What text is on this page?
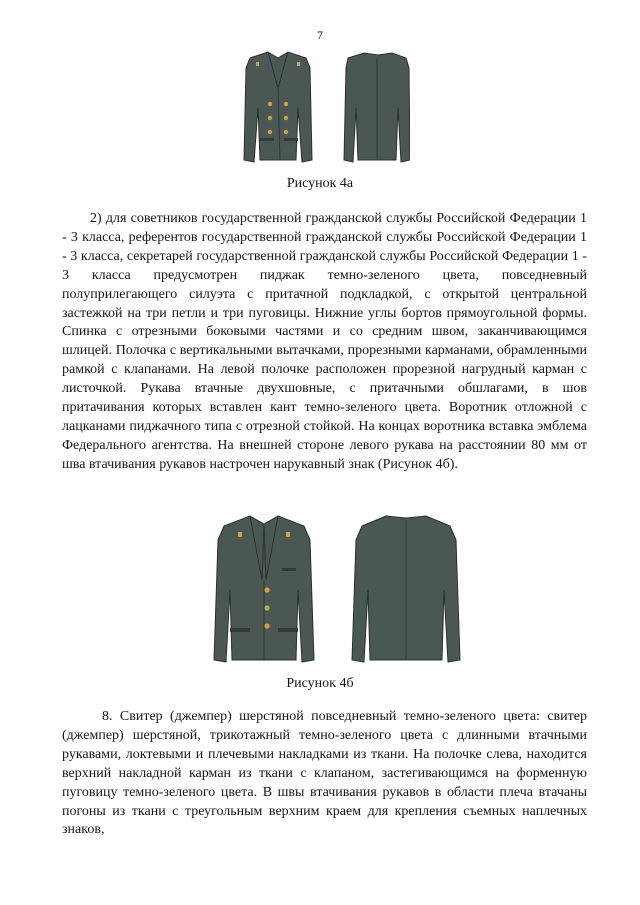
7
Рисунок 4а

2) для советников государственной гражданской службы Российской Федерации 1 - 3 класса, референтов государственной гражданской службы Российской Федерации 1 - 3 класса, секретарей государственной гражданской службы Российской Федерации 1 - 3 класса предусмотрен пиджак темно-зеленого цвета, повседневный полуприлегающего силуэта с притачной подкладкой, с открытой центральной застежкой на три петли и три пуговицы. Нижние углы бортов прямоугольной формы. Спинка с отрезными боковыми частями и со средним швом, заканчивающимся шлицей. Полочка с вертикальными вытачками, прорезными карманами, обрамленными рамкой с клапанами. На левой полочке расположен прорезной нагрудный карман с листочкой. Рукава втачные двухшовные, с притачными обшлагами, в шов притачивания которых вставлен кант темно-зеленого цвета. Воротник отложной с лацканами пиджачного типа с отрезной стойкой. На концах воротника вставка эмблема Федерального агентства. На внешней стороне левого рукава на расстоянии 80 мм от шва втачивания рукавов настрочен нарукавный знак (Рисунок 4б).

Рисунок 4б

8. Свитер (джемпер) шерстяной повседневный темно-зеленого цвета: свитер (джемпер) шерстяной, трикотажный темно-зеленого цвета с длинными втачными рукавами, локтевыми и плечевыми накладками из ткани. На полочке слева, находится верхний накладной карман из ткани с клапаном, застегивающимся на форменную пуговицу темно-зеленого цвета. В швы втачивания рукавов в области плеча втачаны погоны из ткани с треугольным верхним краем для крепления съемных наплечных знаков,
